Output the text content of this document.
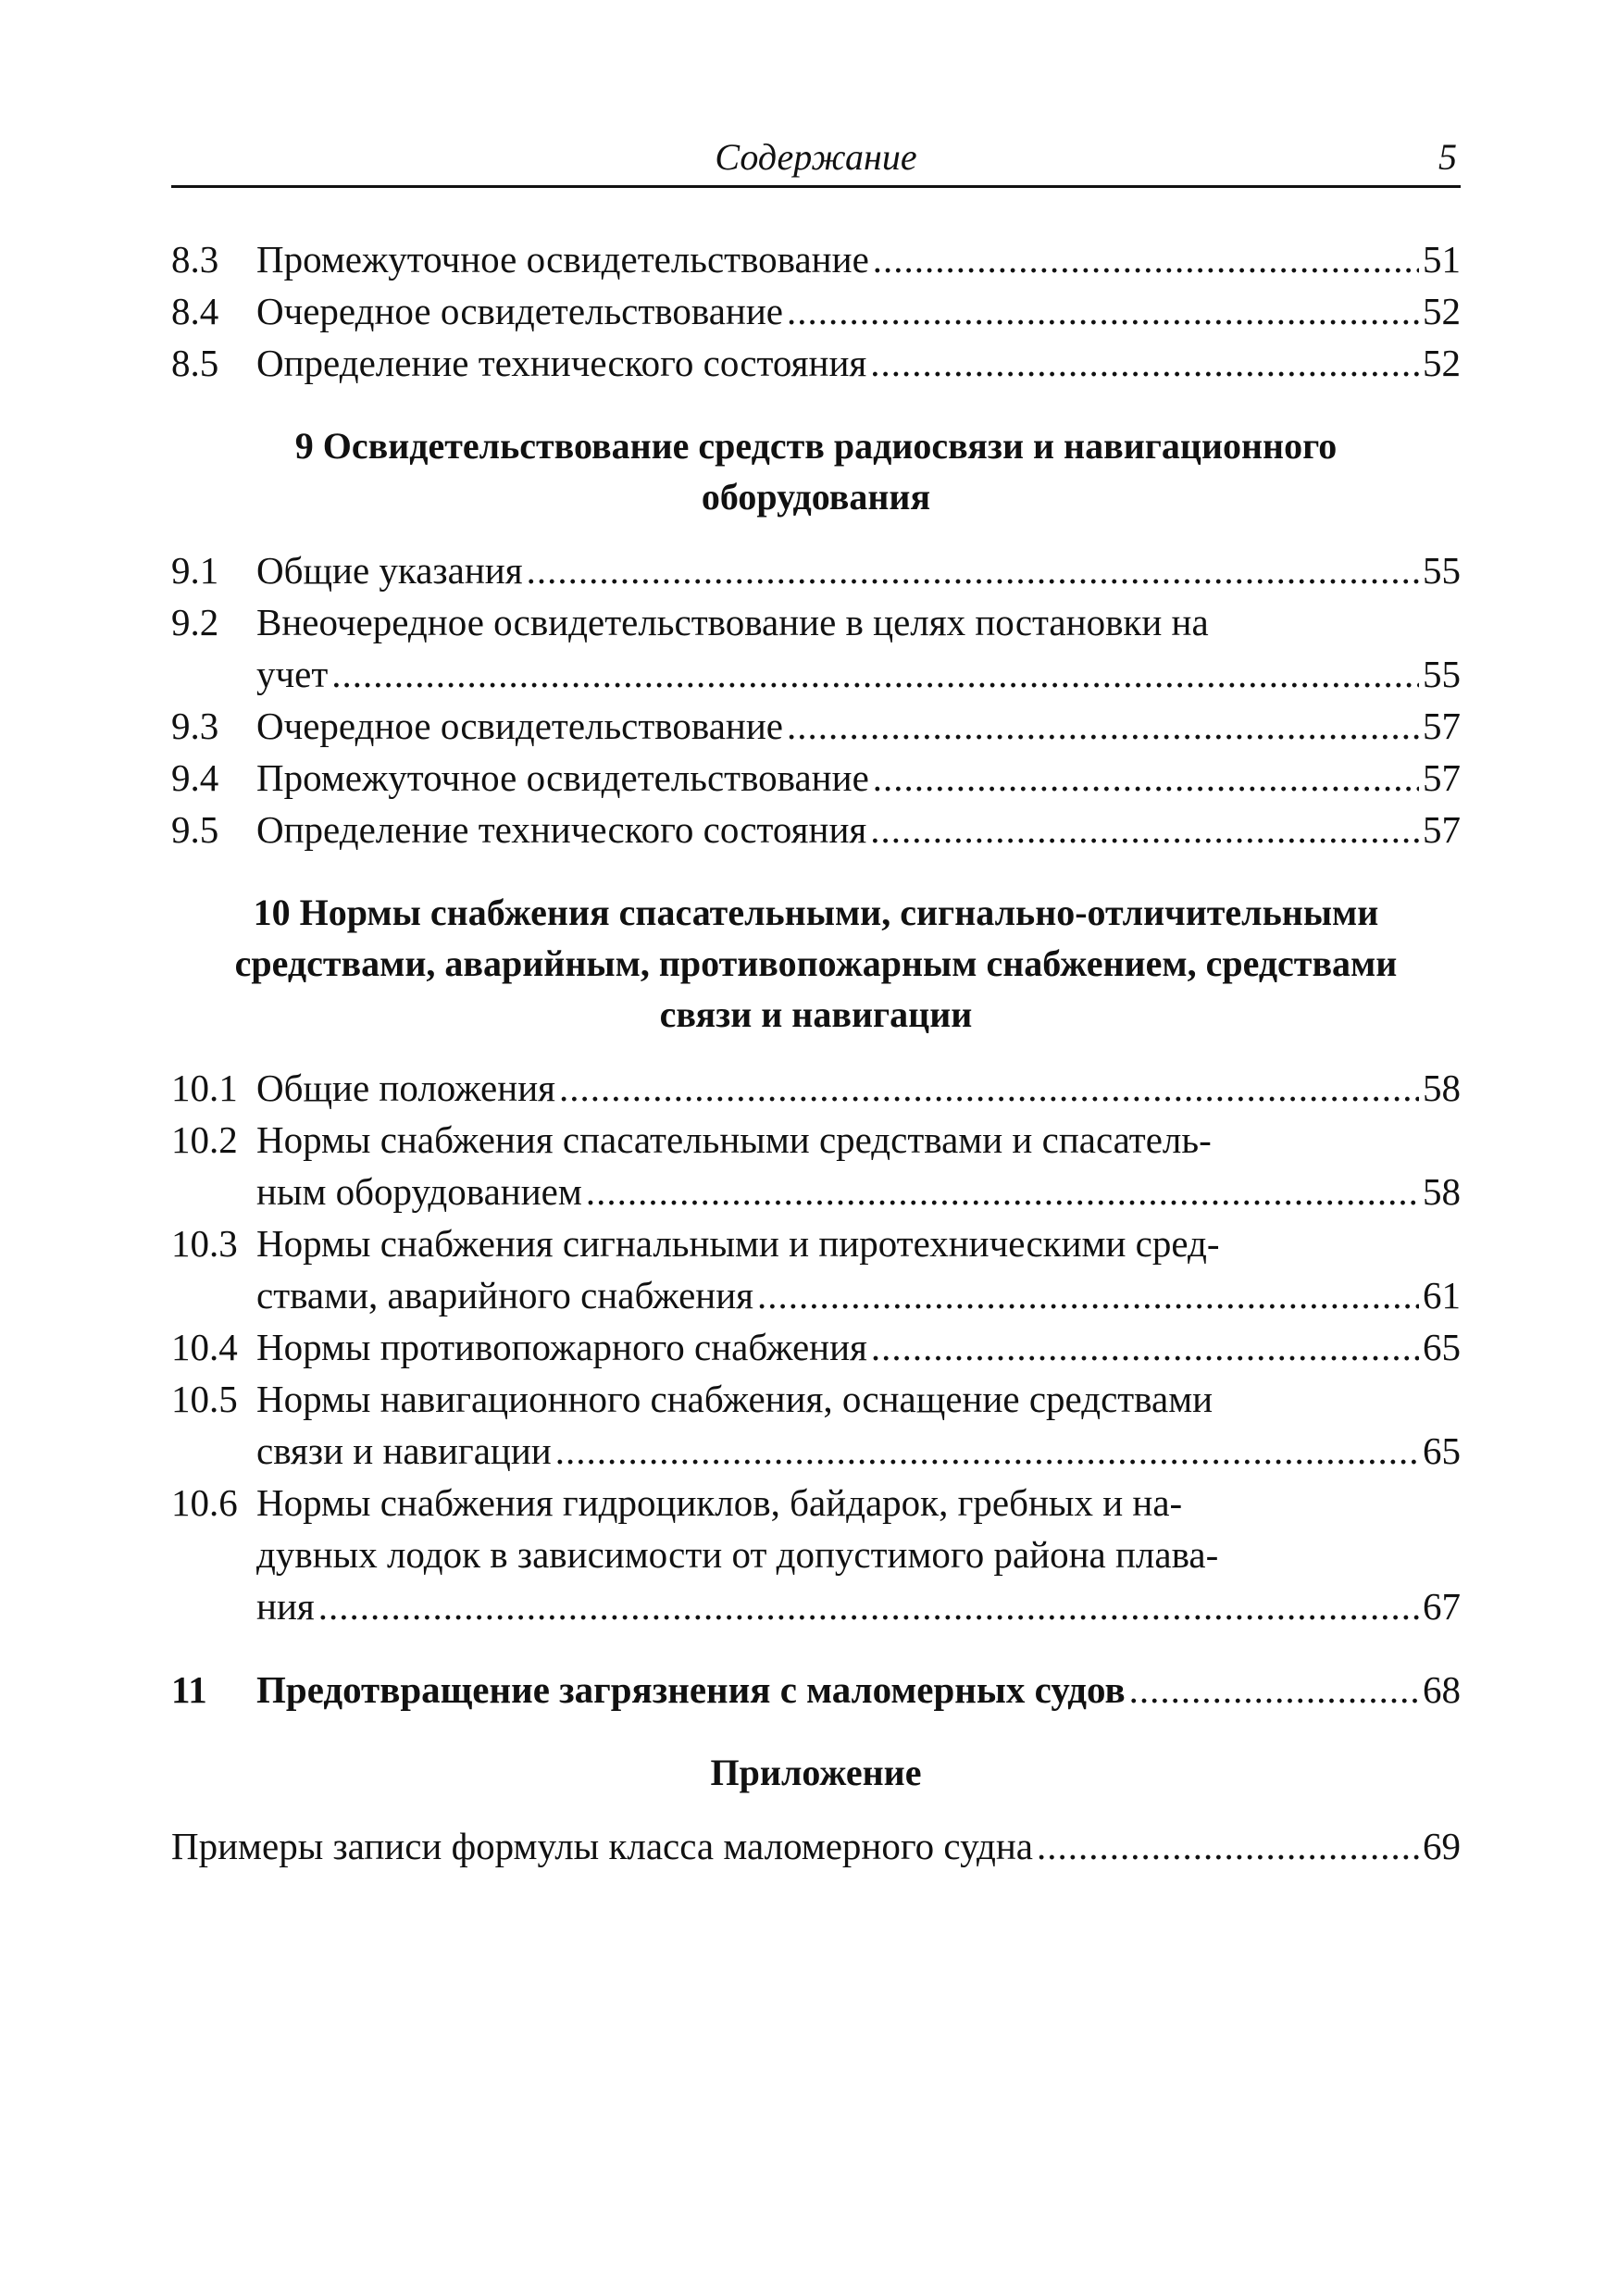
Содержание	5
8.3 Промежуточное освидетельствование .....	51
8.4 Очередное освидетельствование .....	52
8.5 Определение технического состояния .....	52
9 Освидетельствование средств радиосвязи и навигационного
оборудования
9.1 Общие указания .....	55
9.2 Внеочередное освидетельствование в целях постановки на
учет .....	55
9.3 Очередное освидетельствование .....	57
9.4 Промежуточное освидетельствование .....	57
9.5 Определение технического состояния .....	57
10 Нормы снабжения спасательными, сигнально-отличительными
средствами, аварийным, противопожарным снабжением, средствами
связи и навигации
10.1 Общие положения .....	58
10.2 Нормы снабжения спасательными средствами и спасатель-
ным оборудованием .....	58
10.3 Нормы снабжения сигнальными и пиротехническими сред-
ствами, аварийного снабжения .....	61
10.4 Нормы противопожарного снабжения .....	65
10.5 Нормы навигационного снабжения, оснащение средствами
связи и навигации .....	65
10.6 Нормы снабжения гидроциклов, байдарок, гребных и на-
дувных лодок в зависимости от допустимого района плава-
ния .....	67
11	Предотвращение загрязнения с маломерных судов .....	68
Приложение
Примеры записи формулы класса маломерного судна .....	69
